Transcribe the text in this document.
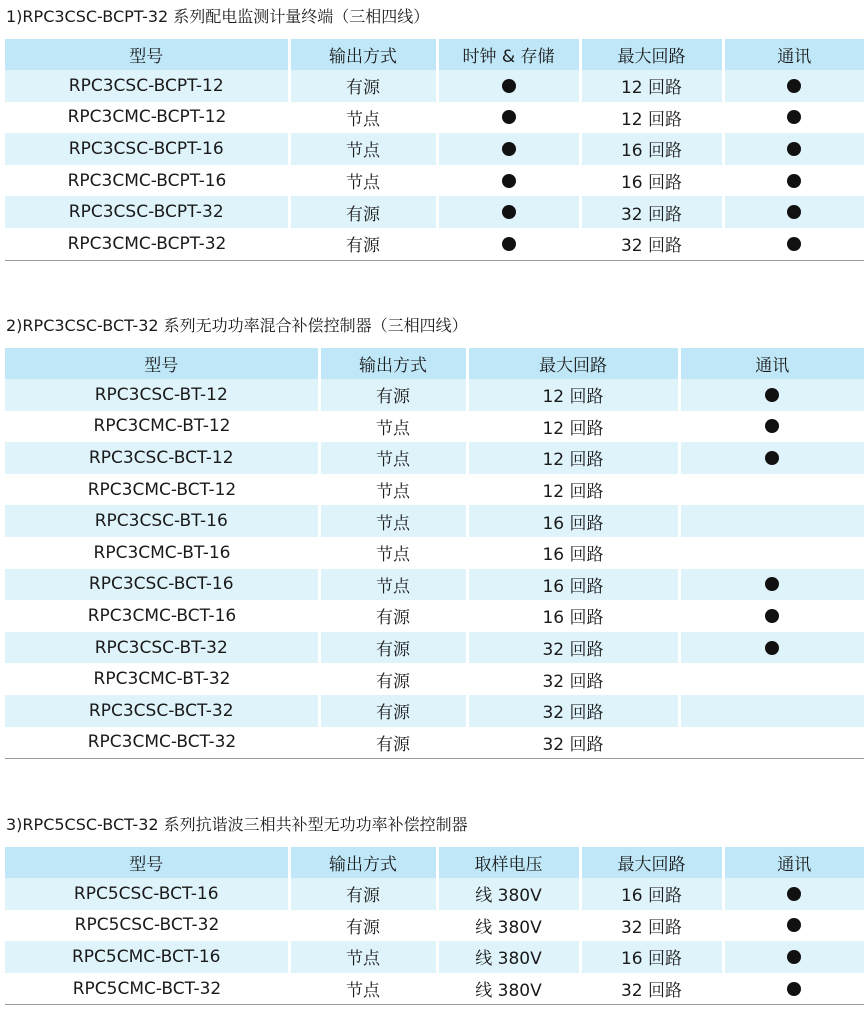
1)RPC3CSC-BCPT-32 系列配电监测计量终端（三相四线）
型号	输出方式	时钟 & 存储	最大回路	通讯
RPC3CSC-BCPT-12	有源		12 回路	
RPC3CMC-BCPT-12	节点		12 回路	
RPC3CSC-BCPT-16	节点		16 回路	
RPC3CMC-BCPT-16	节点		16 回路	
RPC3CSC-BCPT-32	有源		32 回路	
RPC3CMC-BCPT-32	有源		32 回路	
2)RPC3CSC-BCT-32 系列无功功率混合补偿控制器（三相四线）
型号	输出方式	最大回路	通讯
RPC3CSC-BT-12	有源	12 回路	
RPC3CMC-BT-12	节点	12 回路	
RPC3CSC-BCT-12	节点	12 回路	
RPC3CMC-BCT-12	节点	12 回路	
RPC3CSC-BT-16	节点	16 回路	
RPC3CMC-BT-16	节点	16 回路	
RPC3CSC-BCT-16	节点	16 回路	
RPC3CMC-BCT-16	有源	16 回路	
RPC3CSC-BT-32	有源	32 回路	
RPC3CMC-BT-32	有源	32 回路	
RPC3CSC-BCT-32	有源	32 回路	
RPC3CMC-BCT-32	有源	32 回路	
3)RPC5CSC-BCT-32 系列抗谐波三相共补型无功功率补偿控制器
型号	输出方式	取样电压	最大回路	通讯
RPC5CSC-BCT-16	有源	线 380V	16 回路	
RPC5CSC-BCT-32	有源	线 380V	32 回路	
RPC5CMC-BCT-16	节点	线 380V	16 回路	
RPC5CMC-BCT-32	节点	线 380V	32 回路	
